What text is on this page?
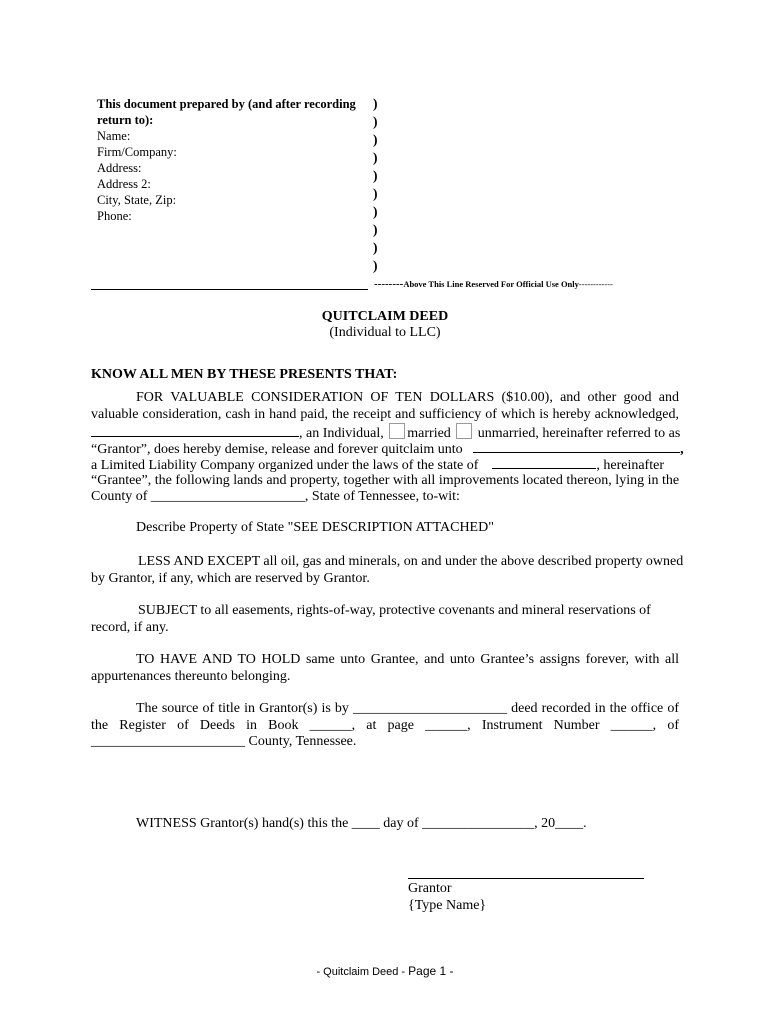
This document prepared by (and after recording
return to):
Name:
Firm/Company:
Address:
Address 2:
City, State, Zip:
Phone:
)
)
)
)
)
)
)
)
)
)
--------Above This Line Reserved For Official Use Only------------
QUITCLAIM DEED
(Individual to LLC)
KNOW ALL MEN BY THESE PRESENTS THAT:
FOR VALUABLE CONSIDERATION OF TEN DOLLARS ($10.00), and other good and
valuable consideration, cash in hand paid, the receipt and sufficiency of which is hereby acknowledged,
, an Individual, married unmarried, hereinafter referred to as
“Grantor”, does hereby demise, release and forever quitclaim unto	,
a Limited Liability Company organized under the laws of the state of	, hereinafter
“Grantee”, the following lands and property, together with all improvements located thereon, lying in the
County of ______________________, State of Tennessee, to-wit:
Describe Property of State "SEE DESCRIPTION ATTACHED"
LESS AND EXCEPT all oil, gas and minerals, on and under the above described property owned
by Grantor, if any, which are reserved by Grantor.
SUBJECT to all easements, rights-of-way, protective covenants and mineral reservations of
record, if any.
TO HAVE AND TO HOLD same unto Grantee, and unto Grantee’s assigns forever, with all
appurtenances thereunto belonging.
The source of title in Grantor(s) is by ______________________ deed recorded in the office of
the Register of Deeds in Book ______, at page ______, Instrument Number ______, of
______________________ County, Tennessee.
WITNESS Grantor(s) hand(s) this the ____ day of ________________, 20____.
Grantor
{Type Name}
- Quitclaim Deed - Page 1 -
